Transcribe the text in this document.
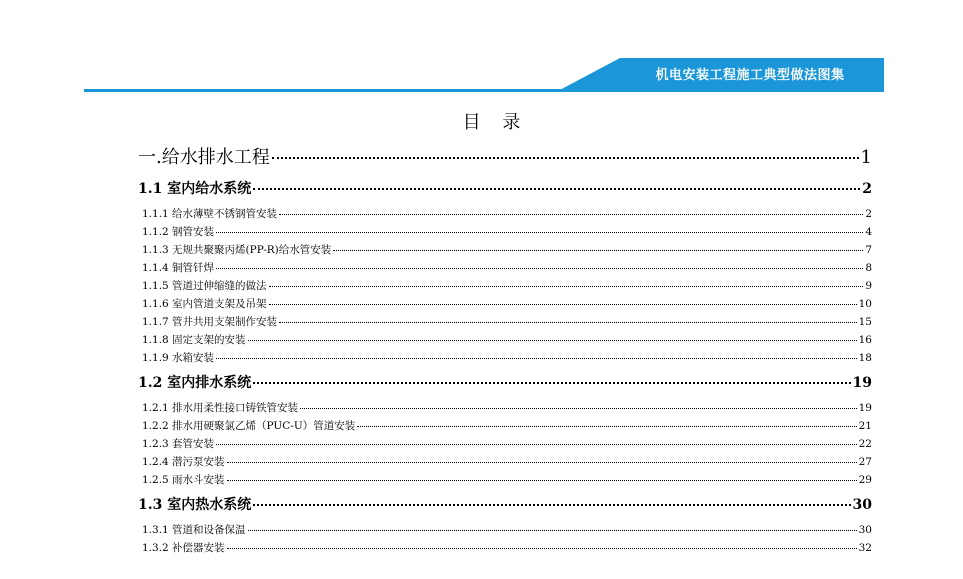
机电安装工程施工典型做法图集
目 录
一.给水排水工程	1
1.1 室内给水系统	2
1.1.1 给水薄壁不锈钢管安装	2
1.1.2 钢管安装	4
1.1.3 无规共聚聚丙烯(PP-R)给水管安装	7
1.1.4 铜管钎焊	8
1.1.5 管道过伸缩缝的做法	9
1.1.6 室内管道支架及吊架	10
1.1.7 管井共用支架制作安装	15
1.1.8 固定支架的安装	16
1.1.9 水箱安装	18
1.2 室内排水系统	19
1.2.1 排水用柔性接口铸铁管安装	19
1.2.2 排水用硬聚氯乙烯（PUC-U）管道安装	21
1.2.3 套管安装	22
1.2.4 潜污泵安装	27
1.2.5 雨水斗安装	29
1.3 室内热水系统	30
1.3.1 管道和设备保温	30
1.3.2 补偿器安装	32
